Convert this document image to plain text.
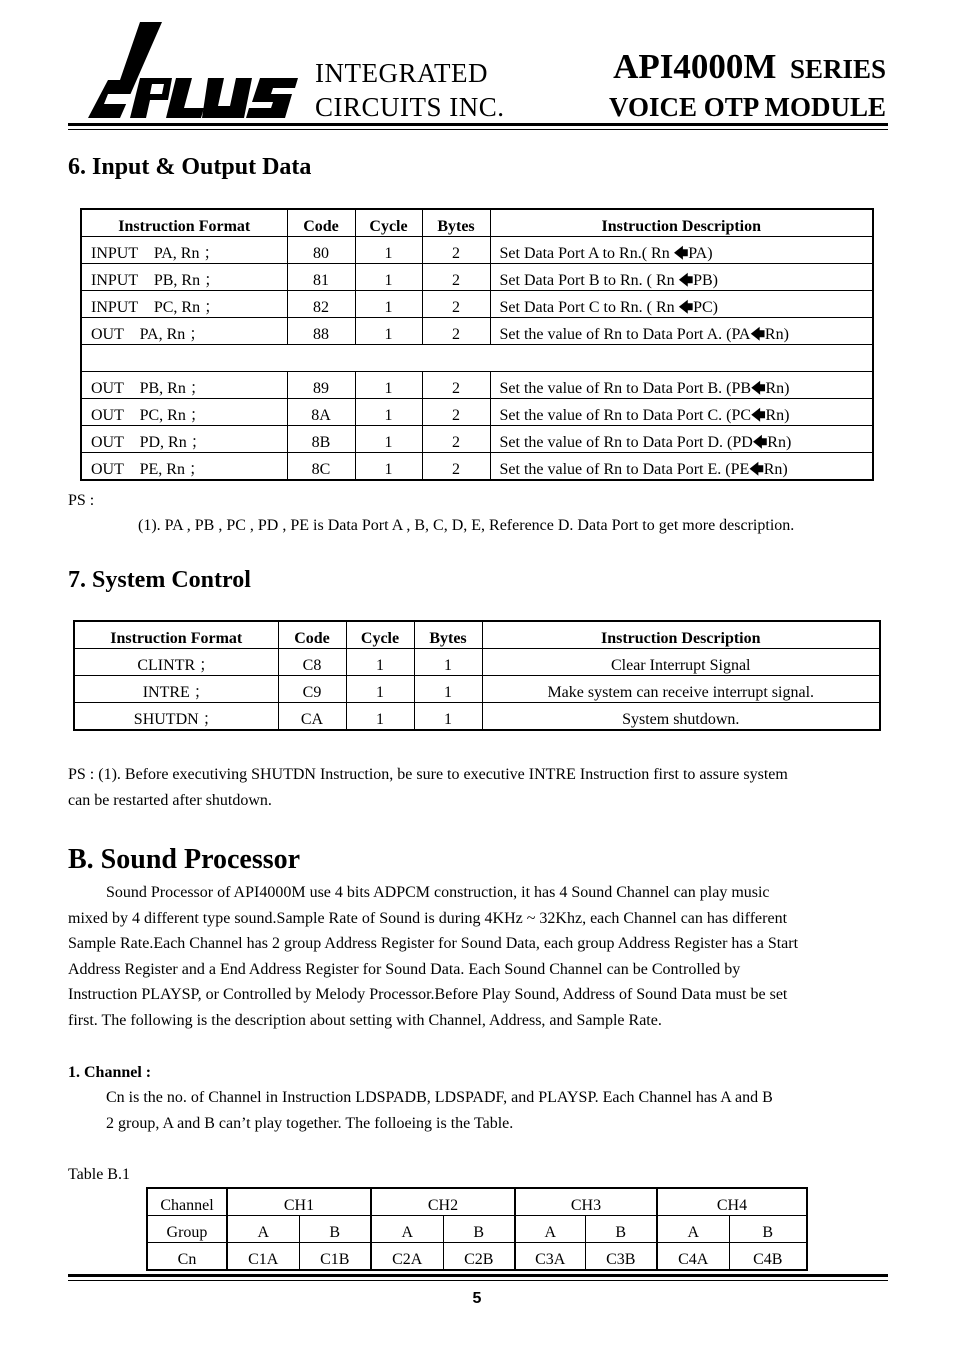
INTEGRATED
CIRCUITS INC.
API4000M SERIES
VOICE OTP MODULE
6. Input & Output Data
Instruction Format	Code	Cycle	Bytes	Instruction Description
INPUT    PA, Rn ；	80	1	2	Set Data Port A to Rn.( Rn 🡄PA)
INPUT    PB, Rn ；	81	1	2	Set Data Port B to Rn. ( Rn 🡄PB)
INPUT    PC, Rn ；	82	1	2	Set Data Port C to Rn. ( Rn 🡄PC)
OUT    PA, Rn ；	88	1	2	Set the value of Rn to Data Port A. (PA🡄Rn)

OUT    PB, Rn ；	89	1	2	Set the value of Rn to Data Port B. (PB🡄Rn)
OUT    PC, Rn ；	8A	1	2	Set the value of Rn to Data Port C. (PC🡄Rn)
OUT    PD, Rn ；	8B	1	2	Set the value of Rn to Data Port D. (PD🡄Rn)
OUT    PE, Rn ；	8C	1	2	Set the value of Rn to Data Port E. (PE🡄Rn)
PS :
(1). PA , PB , PC , PD , PE is Data Port A , B, C, D, E, Reference D. Data Port to get more description.
7. System Control
Instruction Format	Code	Cycle	Bytes	Instruction Description
CLINTR ；	C8	1	1	Clear Interrupt Signal
INTRE ；	C9	1	1	Make system can receive interrupt signal.
SHUTDN ；	CA	1	1	System shutdown.
PS : (1). Before executiving SHUTDN Instruction, be sure to executive INTRE Instruction first to assure system
can be restarted after shutdown.
B. Sound Processor
Sound Processor of API4000M use 4 bits ADPCM construction, it has 4 Sound Channel can play music
mixed by 4 different type sound.Sample Rate of Sound is during 4KHz ~ 32Khz, each Channel can has different
Sample Rate.Each Channel has 2 group Address Register for Sound Data, each group Address Register has a Start
Address Register and a End Address Register for Sound Data. Each Sound Channel can be Controlled by
Instruction PLAYSP, or Controlled by Melody Processor.Before Play Sound, Address of Sound Data must be set
first. The following is the description about setting with Channel, Address, and Sample Rate.
1. Channel :
Cn is the no. of Channel in Instruction LDSPADB, LDSPADF, and PLAYSP. Each Channel has A and B
2 group, A and B can’t play together. The folloeing is the Table.
Table B.1
Channel	CH1		CH2		CH3		CH4	
Group	A	B	A	B	A	B	A	B
Cn	C1A	C1B	C2A	C2B	C3A	C3B	C4A	C4B
5
